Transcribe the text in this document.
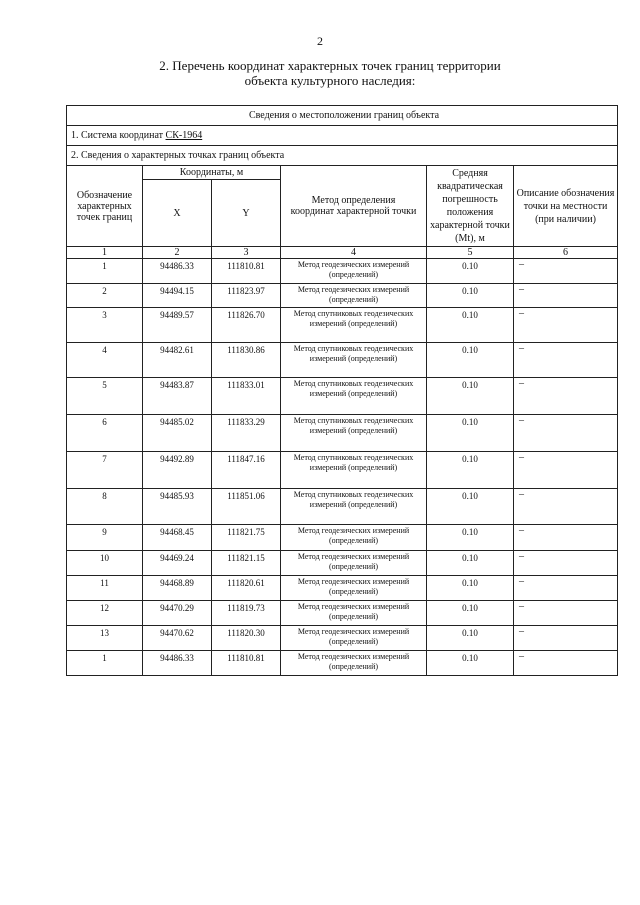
2
2. Перечень координат характерных точек границ территории
объекта культурного наследия:
Сведения о местоположении границ объекта					
1. Система координат СК-1964					
2. Сведения о характерных точках границ объекта					
Обозначение характерных точек границ	Координаты, м		Метод определения координат характерной точки	Средняя квадратическая погрешность положения характерной точки (Mt), м	Описание обозначения точки на местности (при наличии)
	X	Y			
1	2	3	4	5	6
1	94486.33	111810.81	Метод геодезических измерений (определений)	0.10	–
2	94494.15	111823.97	Метод геодезических измерений (определений)	0.10	–
3	94489.57	111826.70	Метод спутниковых геодезических измерений (определений)	0.10	–
4	94482.61	111830.86	Метод спутниковых геодезических измерений (определений)	0.10	–
5	94483.87	111833.01	Метод спутниковых геодезических измерений (определений)	0.10	–
6	94485.02	111833.29	Метод спутниковых геодезических измерений (определений)	0.10	–
7	94492.89	111847.16	Метод спутниковых геодезических измерений (определений)	0.10	–
8	94485.93	111851.06	Метод спутниковых геодезических измерений (определений)	0.10	–
9	94468.45	111821.75	Метод геодезических измерений (определений)	0.10	–
10	94469.24	111821.15	Метод геодезических измерений (определений)	0.10	–
11	94468.89	111820.61	Метод геодезических измерений (определений)	0.10	–
12	94470.29	111819.73	Метод геодезических измерений (определений)	0.10	–
13	94470.62	111820.30	Метод геодезических измерений (определений)	0.10	–
1	94486.33	111810.81	Метод геодезических измерений (определений)	0.10	–
